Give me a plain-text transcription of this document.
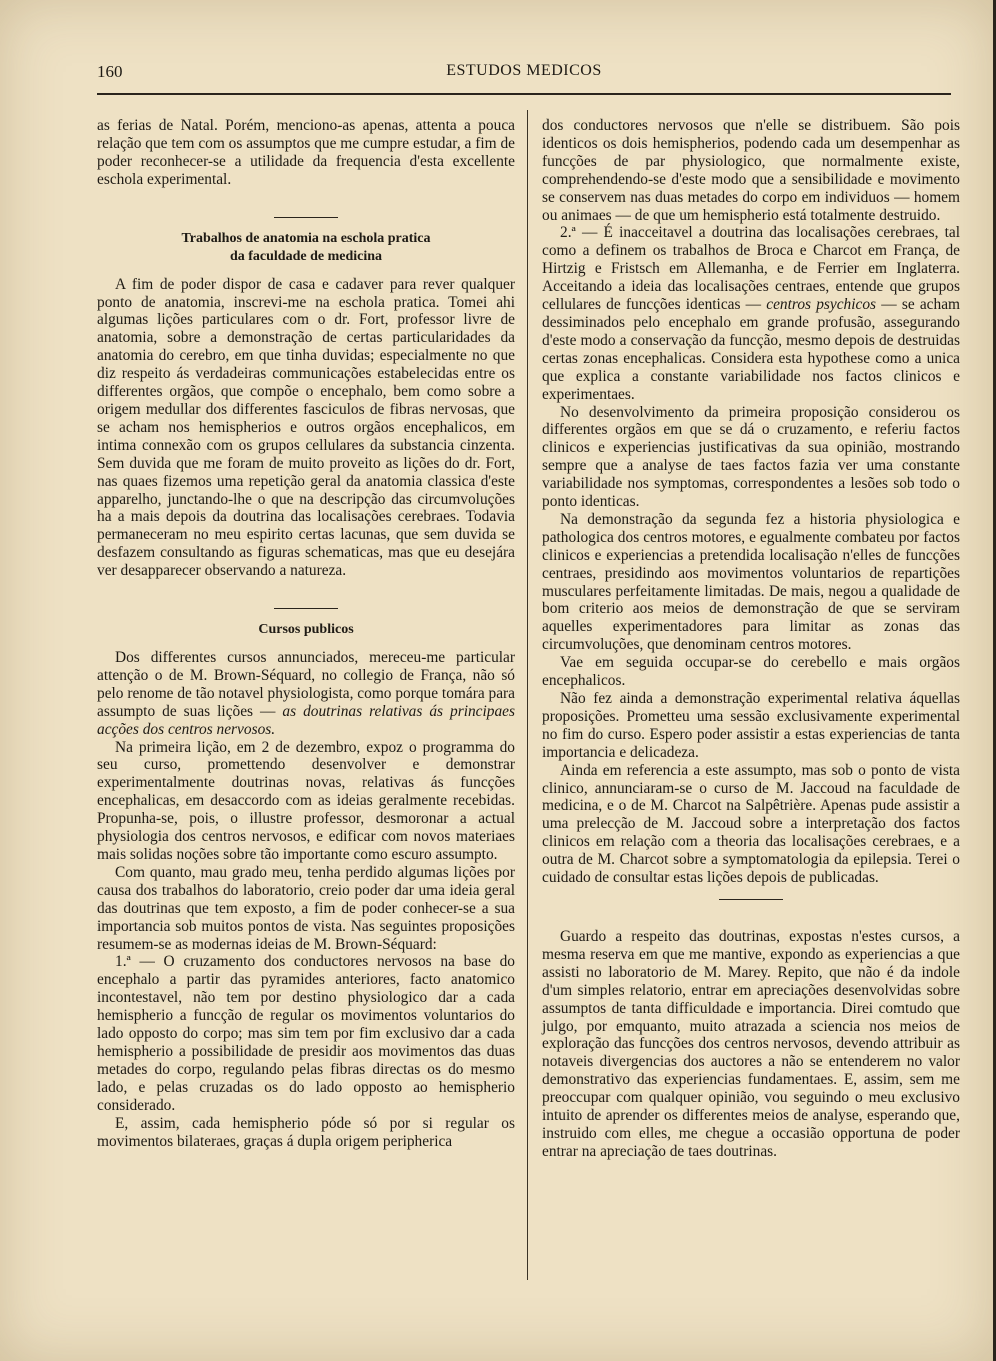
160	ESTUDOS MEDICOS

as ferias de Natal. Porém, menciono-as apenas, attenta a pouca relação que tem com os assumptos que me cumpre estudar, a fim de poder reconhecer-se a utilidade da frequencia d'esta excellente eschola experimental.

Trabalhos de anatomia na eschola pratica
da faculdade de medicina

A fim de poder dispor de casa e cadaver para rever qualquer ponto de anatomia, inscrevi-me na eschola pratica. Tomei ahi algumas lições particulares com o dr. Fort, professor livre de anatomia, sobre a demonstração de certas particularidades da anatomia do cerebro, em que tinha duvidas; especialmente no que diz respeito ás verdadeiras communicações estabelecidas entre os differentes orgãos, que compõe o encephalo, bem como sobre a origem medullar dos differentes fasciculos de fibras nervosas, que se acham nos hemispherios e outros orgãos encephalicos, em intima connexão com os grupos cellulares da substancia cinzenta. Sem duvida que me foram de muito proveito as lições do dr. Fort, nas quaes fizemos uma repetição geral da anatomia classica d'este apparelho, junctando-lhe o que na descripção das circumvoluções ha a mais depois da doutrina das localisações cerebraes. Todavia permaneceram no meu espirito certas lacunas, que sem duvida se desfazem consultando as figuras schematicas, mas que eu desejára ver desapparecer observando a natureza.

Cursos publicos

Dos differentes cursos annunciados, mereceu-me particular attenção o de M. Brown-Séquard, no collegio de França, não só pelo renome de tão notavel physiologista, como porque tomára para assumpto de suas lições — as doutrinas relativas ás principaes acções dos centros nervosos.

Na primeira lição, em 2 de dezembro, expoz o programma do seu curso, promettendo desenvolver e demonstrar experimentalmente doutrinas novas, relativas ás funcções encephalicas, em desaccordo com as ideias geralmente recebidas. Propunha-se, pois, o illustre professor, desmoronar a actual physiologia dos centros nervosos, e edificar com novos materiaes mais solidas noções sobre tão importante como escuro assumpto.

Com quanto, mau grado meu, tenha perdido algumas lições por causa dos trabalhos do laboratorio, creio poder dar uma ideia geral das doutrinas que tem exposto, a fim de poder conhecer-se a sua importancia sob muitos pontos de vista. Nas seguintes proposições resumem-se as modernas ideias de M. Brown-Séquard:

1.ª — O cruzamento dos conductores nervosos na base do encephalo a partir das pyramides anteriores, facto anatomico incontestavel, não tem por destino physiologico dar a cada hemispherio a funcção de regular os movimentos voluntarios do lado opposto do corpo; mas sim tem por fim exclusivo dar a cada hemispherio a possibilidade de presidir aos movimentos das duas metades do corpo, regulando pelas fibras directas os do mesmo lado, e pelas cruzadas os do lado opposto ao hemispherio considerado.

E, assim, cada hemispherio póde só por si regular os movimentos bilateraes, graças á dupla origem peripherica

dos conductores nervosos que n'elle se distribuem. São pois identicos os dois hemispherios, podendo cada um desempenhar as funcções de par physiologico, que normalmente existe, comprehendendo-se d'este modo que a sensibilidade e movimento se conservem nas duas metades do corpo em individuos — homem ou animaes — de que um hemispherio está totalmente destruido.

2.ª — É inacceitavel a doutrina das localisações cerebraes, tal como a definem os trabalhos de Broca e Charcot em França, de Hirtzig e Fristsch em Allemanha, e de Ferrier em Inglaterra. Acceitando a ideia das localisações centraes, entende que grupos cellulares de funcções identicas — centros psychicos — se acham dessiminados pelo encephalo em grande profusão, assegurando d'este modo a conservação da funcção, mesmo depois de destruidas certas zonas encephalicas. Considera esta hypothese como a unica que explica a constante variabilidade nos factos clinicos e experimentaes.

No desenvolvimento da primeira proposição considerou os differentes orgãos em que se dá o cruzamento, e referiu factos clinicos e experiencias justificativas da sua opinião, mostrando sempre que a analyse de taes factos fazia ver uma constante variabilidade nos symptomas, correspondentes a lesões sob todo o ponto identicas.

Na demonstração da segunda fez a historia physiologica e pathologica dos centros motores, e egualmente combateu por factos clinicos e experiencias a pretendida localisação n'elles de funcções centraes, presidindo aos movimentos voluntarios de repartições musculares perfeitamente limitadas. De mais, negou a qualidade de bom criterio aos meios de demonstração de que se serviram aquelles experimentadores para limitar as zonas das circumvoluções, que denominam centros motores.

Vae em seguida occupar-se do cerebello e mais orgãos encephalicos.

Não fez ainda a demonstração experimental relativa áquellas proposições. Prometteu uma sessão exclusivamente experimental no fim do curso. Espero poder assistir a estas experiencias de tanta importancia e delicadeza.

Ainda em referencia a este assumpto, mas sob o ponto de vista clinico, annunciaram-se o curso de M. Jaccoud na faculdade de medicina, e o de M. Charcot na Salpêtrière. Apenas pude assistir a uma prelecção de M. Jaccoud sobre a interpretação dos factos clinicos em relação com a theoria das localisações cerebraes, e a outra de M. Charcot sobre a symptomatologia da epilepsia. Terei o cuidado de consultar estas lições depois de publicadas.

Guardo a respeito das doutrinas, expostas n'estes cursos, a mesma reserva em que me mantive, expondo as experiencias a que assisti no laboratorio de M. Marey. Repito, que não é da indole d'um simples relatorio, entrar em apreciações desenvolvidas sobre assumptos de tanta difficuldade e importancia. Direi comtudo que julgo, por emquanto, muito atrazada a sciencia nos meios de exploração das funcções dos centros nervosos, devendo attribuir as notaveis divergencias dos auctores a não se entenderem no valor demonstrativo das experiencias fundamentaes. E, assim, sem me preoccupar com qualquer opinião, vou seguindo o meu exclusivo intuito de aprender os differentes meios de analyse, esperando que, instruido com elles, me chegue a occasião opportuna de poder entrar na apreciação de taes doutrinas.
